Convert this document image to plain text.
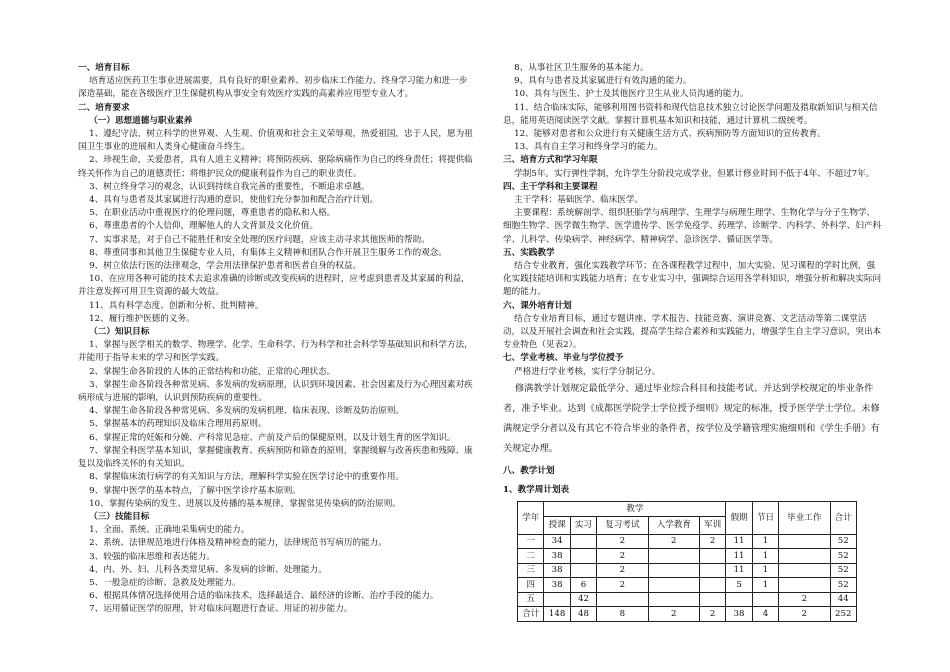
一、培育目标
培育适应医药卫生事业进展需要，具有良好的职业素养、初步临床工作能力、终身学习能力和进一步深造基础，能在各级医疗卫生保健机构从事安全有效医疗实践的高素养应用型专业人才。
二、培育要求
（一）思想道德与职业素养
1、遵纪守法，树立科学的世界观、人生观、价值观和社会主义荣辱观，热爱祖国，忠于人民，愿为祖国卫生事业的进展和人类身心健康奋斗终生。
2、珍视生命，关爱患者，具有人道主义精神；将预防疾病、驱除病痛作为自己的终身责任；将提供临终关怀作为自己的道德责任；将维护民众的健康利益作为自己的职业责任。
3、树立终身学习的观念，认识到持续自我完善的重要性，不断追求卓越。
4、具有与患者及其家属进行沟通的意识，使他们充分参加和配合治疗计划。
5、在职业活动中重视医疗的伦理问题，尊重患者的隐私和人格。
6、尊重患者的个人信仰，理解他人的人文背景及文化价值。
7、实事求是，对于自己不能胜任和安全处理的医疗问题，应该主动寻求其他医师的帮助。
8、尊重同事和其他卫生保健专业人员，有集体主义精神和团队合作开展卫生服务工作的观念。
9、树立依法行医的法律观念，学会用法律保护患者和医者自身的权益。
10、在应用各种可能的技术去追求准确的诊断或改变疾病的进程时，应考虑到患者及其家属的利益，并注意发挥可用卫生资源的最大效益。
11、具有科学态度、创新和分析、批判精神。
12、履行维护医德的义务。
（二）知识目标
1、掌握与医学相关的数学、物理学、化学、生命科学、行为科学和社会科学等基础知识和科学方法，并能用于指导未来的学习和医学实践。
2、掌握生命各阶段的人体的正常结构和功能，正常的心理状态。
3、掌握生命各阶段各种常见病、多发病的发病原理，认识到环境因素、社会因素及行为心理因素对疾病形成与进展的影响，认识到预防疾病的重要性。
4、掌握生命各阶段各种常见病、多发病的发病机理、临床表现、诊断及防治原则。
5、掌握基本的药理知识及临床合理用药原则。
6、掌握正常的妊娠和分娩、产科常见急症、产前及产后的保健原则，以及计划生育的医学知识。
7、掌握全科医学基本知识，掌握健康教育、疾病预防和筛查的原则，掌握缓解与改善疾患和残障、康复以及临终关怀的有关知识。
8、掌握临床流行病学的有关知识与方法，理解科学实验在医学讨论中的重要作用。
9、掌握中医学的基本特点，了解中医学诊疗基本原则。
10、掌握传染病的发生、进展以及传播的基本规律，掌握常见传染病的防治原则。
（三）技能目标
1、全面、系统、正确地采集病史的能力。
2、系统、法律规范地进行体格及精神检查的能力，法律规范书写病历的能力。
3、较强的临床思维和表达能力。
4、内、外、妇、儿科各类常见病、多发病的诊断、处理能力。
5、一般急症的诊断、急救及处理能力。
6、根据具体情况选择使用合适的临床技术，选择最适合、最经济的诊断、治疗手段的能力。
7、运用循证医学的原理，针对临床问题进行查证、用证的初步能力。
8、从事社区卫生服务的基本能力。
9、具有与患者及其家属进行有效沟通的能力。
10、具有与医生、护士及其他医疗卫生从业人员沟通的能力。
11、结合临床实际，能够利用图书资料和现代信息技术独立讨论医学问题及猎取新知识与相关信息，能用英语阅读医学文献。掌握计算机基本知识和技能，通过计算机二级统考。
12、能够对患者和公众进行有关健康生活方式、疾病预防等方面知识的宣传教育。
13、具有自主学习和终身学习的能力。
三、培育方式和学习年限
学制5年。实行弹性学制，允许学生分阶段完成学业，但累计修业时间不低于4年、不超过7年。
四、主干学科和主要课程
主干学科：基础医学、临床医学。
主要课程：系统解剖学、组织胚胎学与病理学、生理学与病理生理学、生物化学与分子生物学、细胞生物学、医学微生物学、医学遗传学、医学免疫学、药理学、诊断学、内科学、外科学、妇产科学、儿科学、传染病学、神经病学、精神病学、急诊医学、循证医学等。
五、实践教学
结合专业教育，强化实践教学环节；在各课程教学过程中，加大实验、见习课程的学时比例，强化实践技能培训和实践能力培育；在专业实习中，强调综合运用各学科知识，增强分析和解决实际问题的能力。
六、课外培育计划
结合专业培育目标，通过专题讲座、学术报告、技能竞赛、演讲竞赛、文艺活动等第二课堂活动，以及开展社会调查和社会实践，提高学生综合素养和实践能力，增强学生自主学习意识，突出本专业特色（见表2）。
七、学业考核、毕业与学位授予
严格进行学业考核，实行学分制记分。
修满教学计划规定最低学分、通过毕业综合科目和技能考试、并达到学校规定的毕业条件者，准予毕业。达到《成都医学院学士学位授予细则》规定的标准，授予医学学士学位。未修满规定学分者以及有其它不符合毕业的条件者，按学位及学籍管理实施细则和《学生手册》有关规定办理。
八、教学计划
1、教学周计划表
学年	教学					假期	节日	毕业工作	合计
	授课	实习	复习考试	入学教育	军训				
一	34		2	2	2	11	1		52
二	38		2			11	1		52
三	38		2			11	1		52
四	38	6	2			5	1		52
五		42						2	44
合计	148	48	8	2	2	38	4	2	252
